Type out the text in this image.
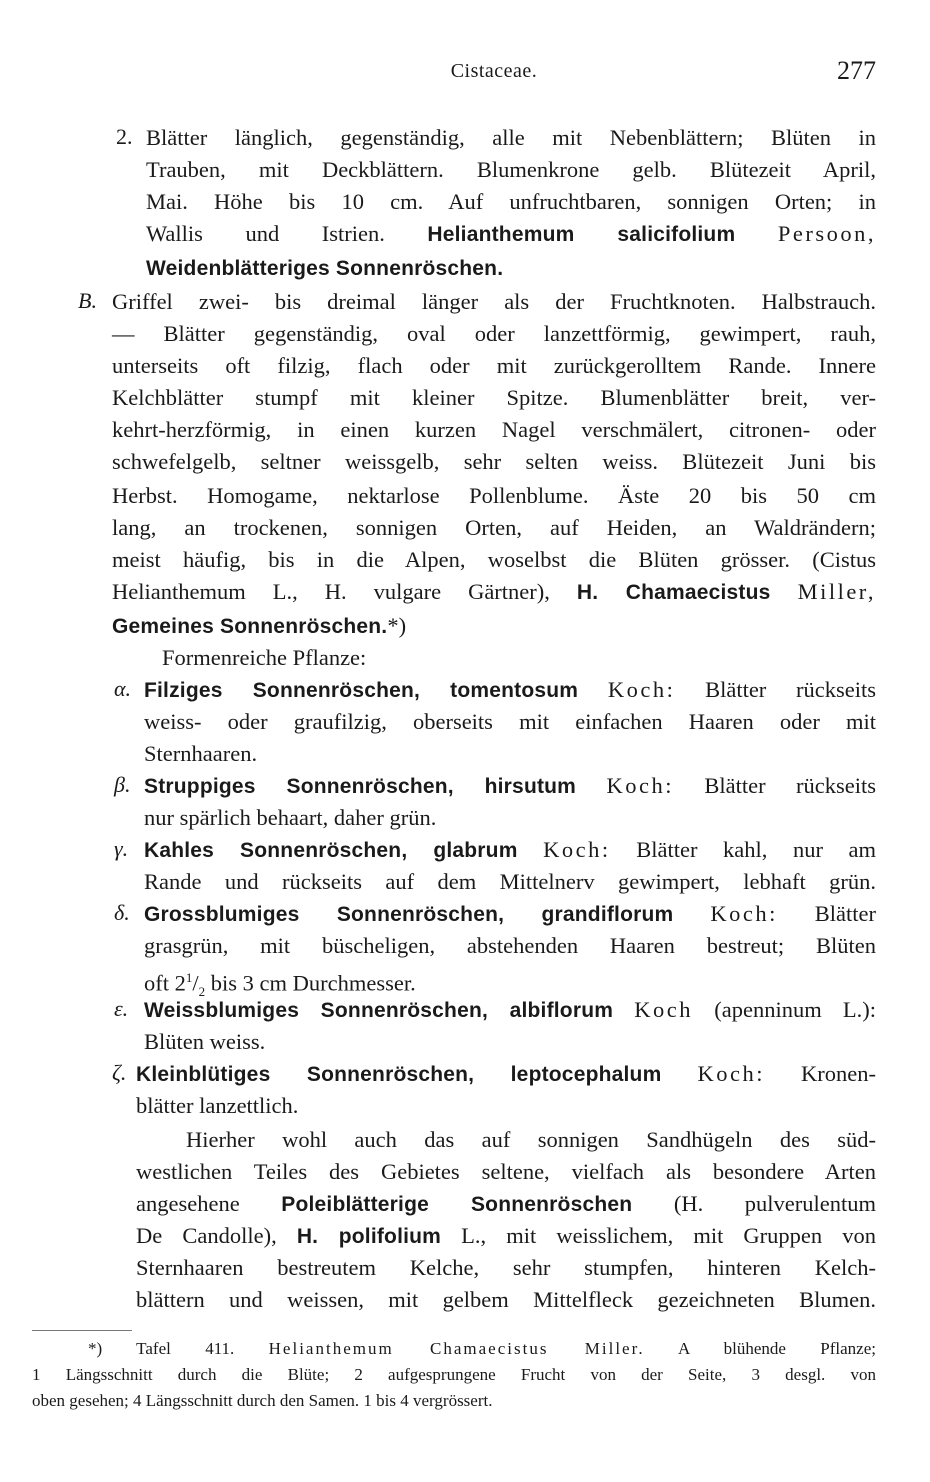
Cistaceae.	277
2. Blätter länglich, gegenständig, alle mit Nebenblättern; Blüten in
Trauben, mit Deckblättern. Blumenkrone gelb. Blütezeit April,
Mai. Höhe bis 10 cm. Auf unfruchtbaren, sonnigen Orten; in
Wallis und Istrien. Helianthemum salicifolium Persoon,
Weidenblätteriges Sonnenröschen.
B. Griffel zwei- bis dreimal länger als der Fruchtknoten. Halbstrauch.
— Blätter gegenständig, oval oder lanzettförmig, gewimpert, rauh,
unterseits oft filzig, flach oder mit zurückgerolltem Rande. Innere
Kelchblätter stumpf mit kleiner Spitze. Blumenblätter breit, ver-
kehrt-herzförmig, in einen kurzen Nagel verschmälert, citronen- oder
schwefelgelb, seltner weissgelb, sehr selten weiss. Blütezeit Juni bis
Herbst. Homogame, nektarlose Pollenblume. Äste 20 bis 50 cm
lang, an trockenen, sonnigen Orten, auf Heiden, an Waldrändern;
meist häufig, bis in die Alpen, woselbst die Blüten grösser. (Cistus
Helianthemum L., H. vulgare Gärtner), H. Chamaecistus Miller,
Gemeines Sonnenröschen.*)
Formenreiche Pflanze:
α. Filziges Sonnenröschen, tomentosum Koch: Blätter rückseits
weiss- oder graufilzig, oberseits mit einfachen Haaren oder mit
Sternhaaren.
β. Struppiges Sonnenröschen, hirsutum Koch: Blätter rückseits
nur spärlich behaart, daher grün.
γ. Kahles Sonnenröschen, glabrum Koch: Blätter kahl, nur am
Rande und rückseits auf dem Mittelnerv gewimpert, lebhaft grün.
δ. Grossblumiges Sonnenröschen, grandiflorum Koch: Blätter
grasgrün, mit büscheligen, abstehenden Haaren bestreut; Blüten
oft $2^1/_2$ bis 3 cm Durchmesser.
ε. Weissblumiges Sonnenröschen, albiflorum Koch (apenninum L.):
Blüten weiss.
ζ. Kleinblütiges Sonnenröschen, leptocephalum Koch: Kronen-
blätter lanzettlich.
Hierher wohl auch das auf sonnigen Sandhügeln des süd-
westlichen Teiles des Gebietes seltene, vielfach als besondere Arten
angesehene Poleiblätterige Sonnenröschen (H. pulverulentum
De Candolle), H. polifolium L., mit weisslichem, mit Gruppen von
Sternhaaren bestreutem Kelche, sehr stumpfen, hinteren Kelch-
blättern und weissen, mit gelbem Mittelfleck gezeichneten Blumen.
*) Tafel 411. Helianthemum Chamaecistus Miller. A blühende Pflanze;
1 Längsschnitt durch die Blüte; 2 aufgesprungene Frucht von der Seite, 3 desgl. von
oben gesehen; 4 Längsschnitt durch den Samen. 1 bis 4 vergrössert.
